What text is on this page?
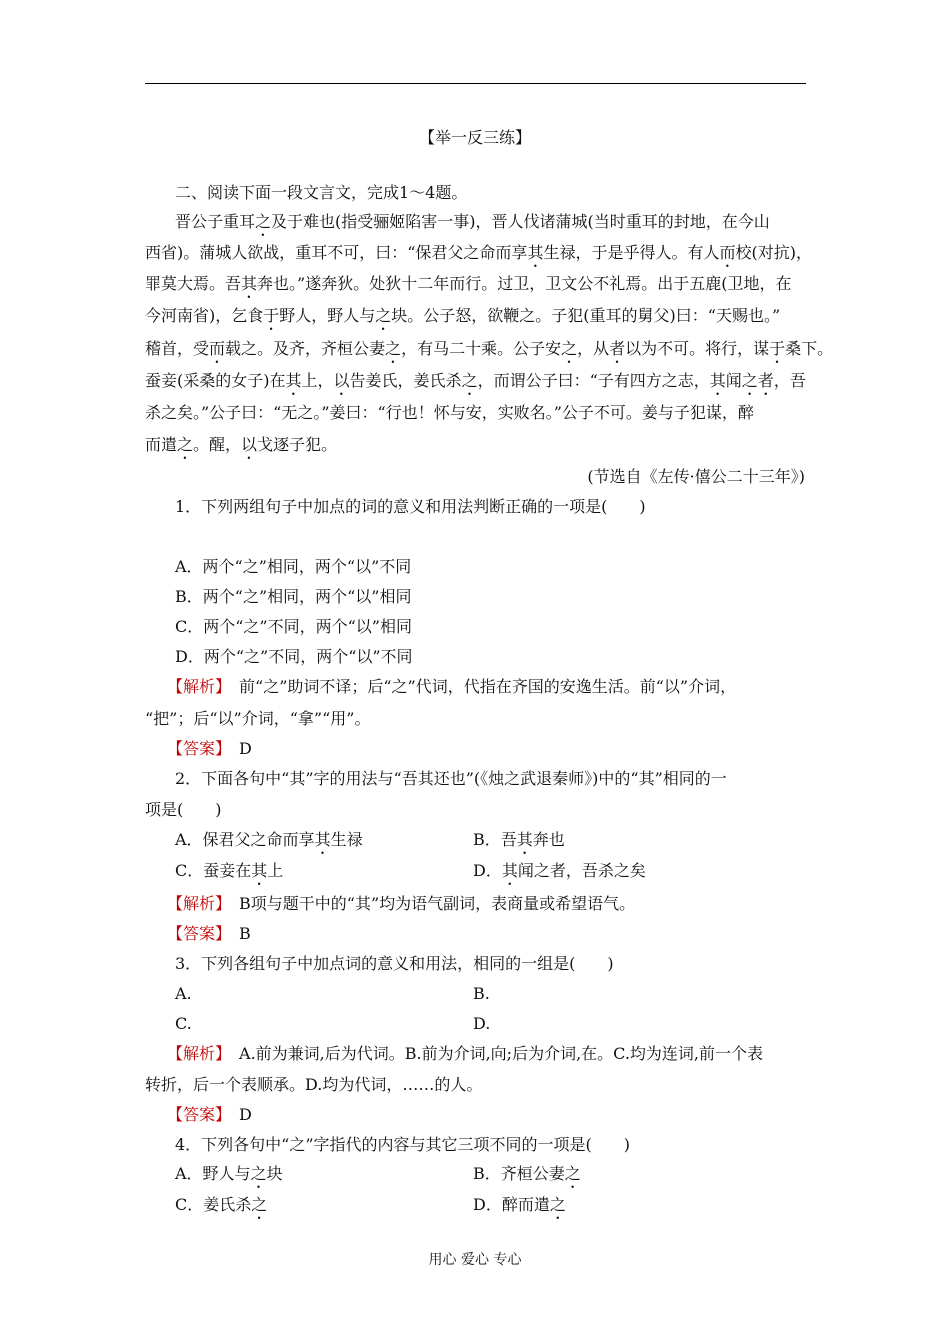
【举一反三练】
二、阅读下面一段文言文，完成1～4题。
晋公子重耳之及于难也(指受骊姬陷害一事)，晋人伐诸蒲城(当时重耳的封地，在今山
西省)。蒲城人欲战，重耳不可，曰：“保君父之命而享其生禄，于是乎得人。有人而校(对抗)，
罪莫大焉。吾其奔也。”遂奔狄。处狄十二年而行。过卫，卫文公不礼焉。出于五鹿(卫地，在
今河南省)，乞食于野人，野人与之块。公子怒，欲鞭之。子犯(重耳的舅父)曰：“天赐也。”
稽首，受而载之。及齐，齐桓公妻之，有马二十乘。公子安之，从者以为不可。将行，谋于桑下。
蚕妾(采桑的女子)在其上，以告姜氏，姜氏杀之，而谓公子曰：“子有四方之志，其闻之者，吾
杀之矣。”公子曰：“无之。”姜曰：“行也！怀与安，实败名。”公子不可。姜与子犯谋，醉
而遣之。醒，以戈逐子犯。
(节选自《左传·僖公二十三年》)
1．下列两组句子中加点的词的意义和用法判断正确的一项是(　　)
A．两个“之”相同，两个“以”不同
B．两个“之”相同，两个“以”相同
C．两个“之”不同，两个“以”相同
D．两个“之”不同，两个“以”不同
【解析】　前“之”助词不译；后“之”代词，代指在齐国的安逸生活。前“以”介词，
“把”；后“以”介词，“拿”“用”。
【答案】　D
2．下面各句中“其”字的用法与“吾其还也”(《烛之武退秦师》)中的“其”相同的一
项是(　　)
A．保君父之命而享其生禄	B．吾其奔也
C．蚕妾在其上	D．其闻之者，吾杀之矣
【解析】　B项与题干中的“其”均为语气副词，表商量或希望语气。
【答案】　B
3．下列各组句子中加点词的意义和用法，相同的一组是(　　)
A.	B.
C.	D.
【解析】　A.前为兼词,后为代词。B.前为介词,向;后为介词,在。C.均为连词,前一个表
转折，后一个表顺承。D.均为代词，……的人。
【答案】　D
4．下列各句中“之”字指代的内容与其它三项不同的一项是(　　)
A．野人与之块	B．齐桓公妻之
C．姜氏杀之	D．醉而遣之
用心 爱心 专心
